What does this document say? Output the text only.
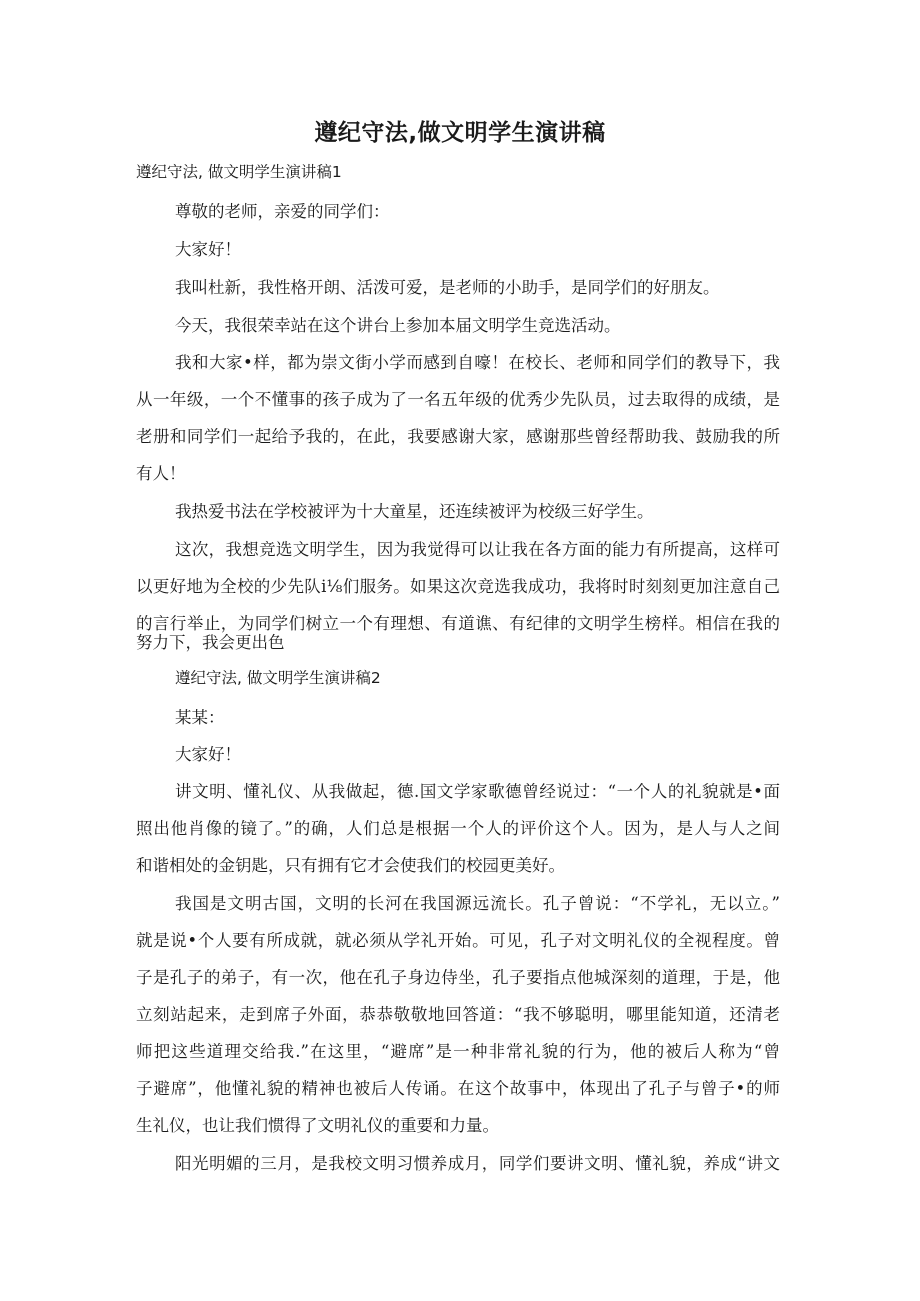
遵纪守法,做文明学生演讲稿
遵纪守法, 做文明学生演讲稿1
尊敬的老师，亲爱的同学们：
大家好！
我叫杜新，我性格开朗、活泼可爱，是老师的小助手，是同学们的好朋友。
今天，我很荣幸站在这个讲台上参加本届文明学生竞选活动。
我和大家•样，都为崇文街小学而感到自嚎！在校长、老师和同学们的教导下，我
从一年级，一个不懂事的孩子成为了一名五年级的优秀少先队员，过去取得的成绩，是
老册和同学们一起给予我的，在此，我要感谢大家，感谢那些曾经帮助我、鼓励我的所
有人！
我热爱书法在学校被评为十大童星，还连续被评为校级三好学生。
这次，我想竞选文明学生，因为我觉得可以让我在各方面的能力有所提高，这样可
以更好地为全校的少先队i⅛们服务。如果这次竞选我成功，我将时时刻刻更加注意自己
的言行举止，为同学们树立一个有理想、有道谯、有纪律的文明学生榜样。相信在我的
努力下，我会更出色
遵纪守法, 做文明学生演讲稿2
某某：
大家好！
讲文明、懂礼仪、从我做起，德.国文学家歌德曾经说过：“一个人的礼貌就是•面
照出他肖像的镜了。”的确，人们总是根据一个人的评价这个人。因为，是人与人之间
和谐相处的金钥匙，只有拥有它才会使我们的校园更美好。
我国是文明古国，文明的长河在我国源远流长。孔子曾说：“不学礼，无以立。”
就是说•个人要有所成就，就必须从学礼开始。可见，孔子对文明礼仪的全视程度。曾
子是孔子的弟子，有一次，他在孔子身边侍坐，孔子要指点他城深刻的道理，于是，他
立刻站起来，走到席子外面，恭恭敬敬地回答道：“我不够聪明，哪里能知道，还清老
师把这些道理交给我.”在这里，“避席”是一种非常礼貌的行为，他的被后人称为“曾
子避席”，他懂礼貌的精神也被后人传诵。在这个故事中，体现出了孔子与曾子•的师
生礼仪，也让我们惯得了文明礼仪的重要和力量。
阳光明媚的三月，是我校文明习惯养成月，同学们要讲文明、懂礼貌，养成“讲文
